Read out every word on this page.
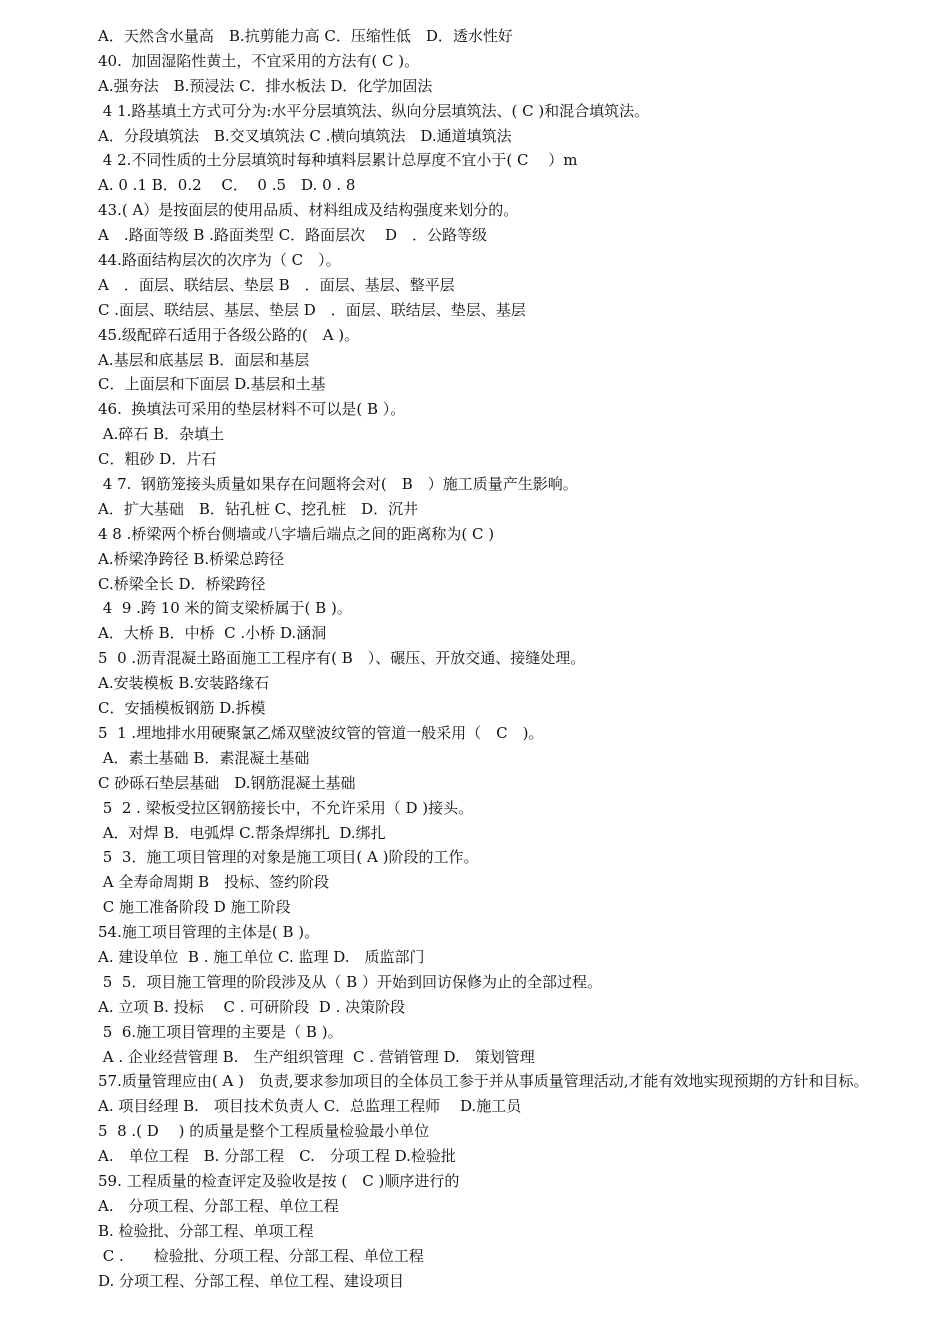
A．天然含水量高　B.抗剪能力高 C．压缩性低　D．透水性好
40.  加固湿陷性黄土，不宜采用的方法有( C )。
A.强夯法　B.预浸法 C．排水板法 D．化学加固法
4 1.路基填土方式可分为:水平分层填筑法、纵向分层填筑法、( C )和混合填筑法。
A．分段填筑法　B.交叉填筑法 C .横向填筑法　D.通道填筑法
4 2.不同性质的土分层填筑时每种填料层累计总厚度不宜小于( C　 ）m
A. 0 .1 B．0.2　 C．  0 .5　D. 0 . 8
43.( A）是按面层的使用品质、材料组成及结构强度来划分的。
A　.路面等级 B .路面类型 C．路面层次　 D　．公路等级
44.路面结构层次的次序为（ C　）。
A　．面层、联结层、垫层 B　．面层、基层、整平层
C .面层、联结层、基层、垫层 D　．面层、联结层、垫层、基层
45.级配碎石适用于各级公路的(　A )。
A.基层和底基层 B．面层和基层
C．上面层和下面层 D.基层和土基
46.  换填法可采用的垫层材料不可以是( B ）。
A.碎石 B．杂填土
C．粗砂 D．片石
4 7.  钢筋笼接头质量如果存在问题将会对(　B　）施工质量产生影响。
A．扩大基础　B．钻孔桩 C、挖孔桩　D．沉井
4 8 .桥梁两个桥台侧墙或八字墙后端点之间的距离称为( C )
A.桥梁净跨径 B.桥梁总跨径
C.桥梁全长 D．桥梁跨径
4  9 .跨 10 米的简支梁桥属于( B )。
A．大桥 B．中桥  C .小桥 D.涵洞
5  0 .沥青混凝土路面施工工程序有( B　）、碾压、开放交通、接缝处理。
A.安装模板 B.安装路缘石
C．安插模板钢筋 D.拆模
5  1 .埋地排水用硬聚氯乙烯双壁波纹管的管道一般采用（　C　)。
A．素土基础 B．素混凝土基础
C 砂砾石垫层基础　D.钢筋混凝土基础
5  2 . 梁板受拉区钢筋接长中，不允许采用（ D )接头。
A．对焊 B．电弧焊 C.帮条焊绑扎  D.绑扎
5  3．施工项目管理的对象是施工项目( A )阶段的工作。
A 全寿命周期 B　投标、签约阶段
C 施工准备阶段 D 施工阶段
54.施工项目管理的主体是( B )。
A. 建设单位  B . 施工单位 C. 监理 D.　质监部门
5  5．项目施工管理的阶段涉及从（ B ）开始到回访保修为止的全部过程。
A. 立项 B. 投标　 C . 可研阶段  D . 决策阶段
5  6.施工项目管理的主要是（ B )。
A . 企业经营管理 B.　生产组织管理  C . 营销管理 D.　策划管理
57.质量管理应由( A )　负责,要求参加项目的全体员工参于并从事质量管理活动,才能有效地实现预期的方针和目标。
A. 项目经理 B.　项目技术负责人 C．总监理工程师　 D.施工员
5  8 .( D　 ) 的质量是整个工程质量检验最小单位
A.　单位工程　B. 分部工程　C.　分项工程 D.检验批
59. 工程质量的检查评定及验收是按 (　C )顺序进行的
A.　分项工程、分部工程、单位工程
B. 检验批、分部工程、单项工程
C .　　检验批、分项工程、分部工程、单位工程
D. 分项工程、分部工程、单位工程、建设项目
